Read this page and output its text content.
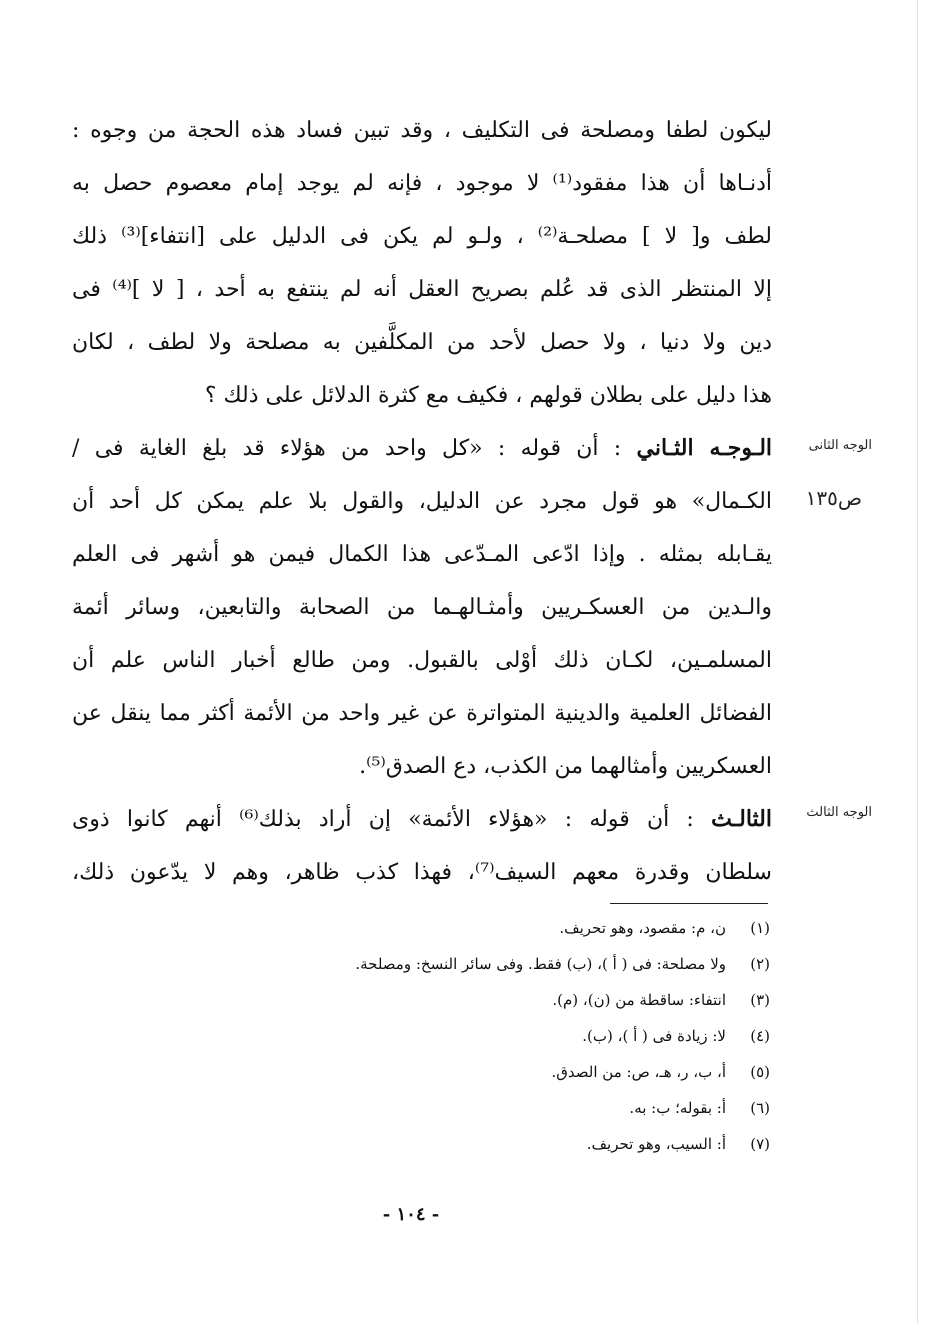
ليكون لطفا ومصلحة فى التكليف ، وقد تبين فساد هذه الحجة من وجوه :
أدنـاها أن هذا مفقود⁽¹⁾ لا موجود ، فإنه لم يوجد إمام معصوم حصل به
لطف و[ لا ] مصلحـة⁽²⁾ ، ولـو لم يكن فى الدليل على [انتفاء]⁽³⁾ ذلك
إلا المنتظر الذى قد عُلم بصريح العقل أنه لم ينتفع به أحد ، [ لا ]⁽⁴⁾ فى
دين ولا دنيا ، ولا حصل لأحد من المكلَّفين به مصلحة ولا لطف ، لكان
هذا دليل على بطلان قولهم ، فكيف مع كثرة الدلائل على ذلك ؟
الوجه الثانى
ص١٣٥
الـوجـه الثـاني : أن قوله : «كل واحد من هؤلاء قد بلغ الغاية فى /
الكـمال» هو قول مجرد عن الدليل، والقول بلا علم يمكن كل أحد أن
يقـابله بمثله . وإذا ادّعى المـدّعى هذا الكمال فيمن هو أشهر فى العلم
والـدين من العسكـريين وأمثـالهـما من الصحابة والتابعين، وسائر أئمة
المسلمـين، لكـان ذلك أوْلى بالقبول. ومن طالع أخبار الناس علم أن
الفضائل العلمية والدينية المتواترة عن غير واحد من الأئمة أكثر مما ينقل عن
العسكريين وأمثالهما من الكذب، دع الصدق⁽⁵⁾.
الوجه الثالث
الثالـث : أن قوله : «هؤلاء الأئمة» إن أراد بذلك⁽⁶⁾ أنهم كانوا ذوى
سلطان وقدرة معهم السيف⁽⁷⁾، فهذا كذب ظاهر، وهم لا يدّعون ذلك،
(١)
ن، م: مقصود، وهو تحريف.
(٢)
ولا مصلحة: فى ( أ )، (ب) فقط. وفى سائر النسخ: ومصلحة.
(٣)
انتفاء: ساقطة من (ن)، (م).
(٤)
لا: زيادة فى ( أ )، (ب).
(٥)
أ، ب، ر، هـ، ص: من الصدق.
(٦)
أ: بقوله؛ ب: به.
(٧)
أ: السيب، وهو تحريف.
- ١٠٤ -
